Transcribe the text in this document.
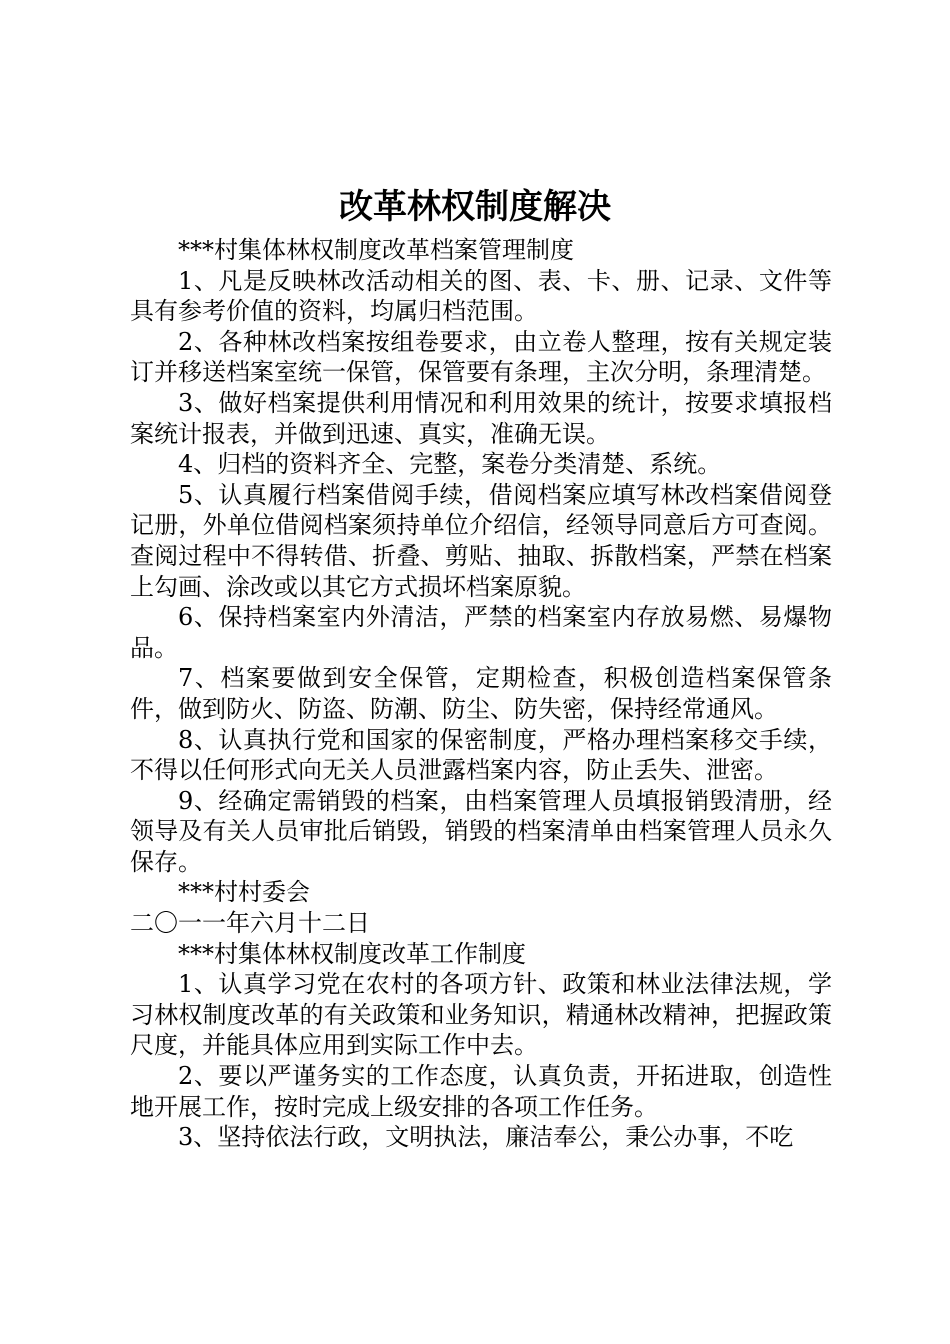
改革林权制度解决

***村集体林权制度改革档案管理制度

1、凡是反映林改活动相关的图、表、卡、册、记录、文件等具有参考价值的资料，均属归档范围。

2、各种林改档案按组卷要求，由立卷人整理，按有关规定装订并移送档案室统一保管，保管要有条理，主次分明，条理清楚。

3、做好档案提供利用情况和利用效果的统计，按要求填报档案统计报表，并做到迅速、真实，准确无误。

4、归档的资料齐全、完整，案卷分类清楚、系统。

5、认真履行档案借阅手续，借阅档案应填写林改档案借阅登记册，外单位借阅档案须持单位介绍信，经领导同意后方可查阅。查阅过程中不得转借、折叠、剪贴、抽取、拆散档案，严禁在档案上勾画、涂改或以其它方式损坏档案原貌。

6、保持档案室内外清洁，严禁的档案室内存放易燃、易爆物品。

7、档案要做到安全保管，定期检查，积极创造档案保管条件，做到防火、防盗、防潮、防尘、防失密，保持经常通风。

8、认真执行党和国家的保密制度，严格办理档案移交手续，不得以任何形式向无关人员泄露档案内容，防止丢失、泄密。

9、经确定需销毁的档案，由档案管理人员填报销毁清册，经领导及有关人员审批后销毁，销毁的档案清单由档案管理人员永久保存。

***村村委会

二〇一一年六月十二日

***村集体林权制度改革工作制度

1、认真学习党在农村的各项方针、政策和林业法律法规，学习林权制度改革的有关政策和业务知识，精通林改精神，把握政策尺度，并能具体应用到实际工作中去。

2、要以严谨务实的工作态度，认真负责，开拓进取，创造性地开展工作，按时完成上级安排的各项工作任务。

3、坚持依法行政，文明执法，廉洁奉公，秉公办事，不吃
